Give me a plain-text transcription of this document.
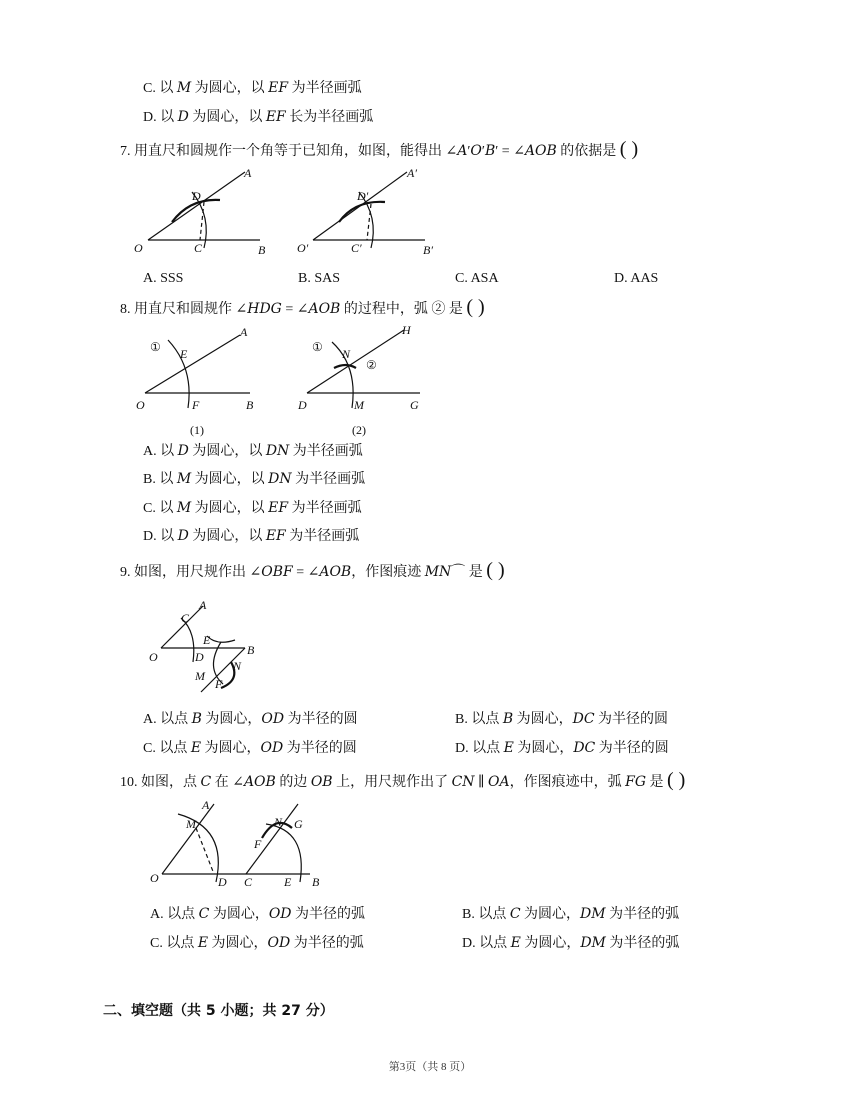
C. 以 𝑀 为圆心，以 𝐸𝐹 为半径画弧
D. 以 𝐷 为圆心，以 𝐸𝐹 长为半径画弧
7. 用直尺和圆规作一个角等于已知角，如图，能得出 ∠𝐴′𝑂′𝐵′ = ∠𝐴𝑂𝐵 的依据是 ( )
D
A
O	C	B
D′
A′
O′	C′	B′
A. SSS	B. SAS	C. ASA	D. AAS
8. 用直尺和圆规作 ∠𝐻𝐷𝐺 = ∠𝐴𝑂𝐵 的过程中，弧 ② 是 ( )
① E
A
O	F	B
(1)
① N
H
②
D	M	G
(2)
A. 以 𝐷 为圆心，以 𝐷𝑁 为半径画弧
B. 以 𝑀 为圆心，以 𝐷𝑁 为半径画弧
C. 以 𝑀 为圆心，以 𝐸𝐹 为半径画弧
D. 以 𝐷 为圆心，以 𝐸𝐹 为半径画弧
9. 如图，用尺规作出 ∠𝑂𝐵𝐹 = ∠𝐴𝑂𝐵，作图痕迹 𝑀𝑁⌒ 是 ( )
C
A
O	D
E
B
N
M
F
A. 以点 𝐵 为圆心，𝑂𝐷 为半径的圆	B. 以点 𝐵 为圆心，𝐷𝐶 为半径的圆
C. 以点 𝐸 为圆心，𝑂𝐷 为半径的圆	D. 以点 𝐸 为圆心，𝐷𝐶 为半径的圆
10. 如图，点 𝐶 在 ∠𝐴𝑂𝐵 的边 𝑂𝐵 上，用尺规作出了 𝐶𝑁 ∥ 𝑂𝐴，作图痕迹中，弧 𝐹𝐺 是 ( )
A
M	N G
F
O	D C	E B
A. 以点 𝐶 为圆心，𝑂𝐷 为半径的弧	B. 以点 𝐶 为圆心，𝐷𝑀 为半径的弧
C. 以点 𝐸 为圆心，𝑂𝐷 为半径的弧	D. 以点 𝐸 为圆心，𝐷𝑀 为半径的弧
二、填空题（共 5 小题；共 27 分）
第3页（共 8 页）
